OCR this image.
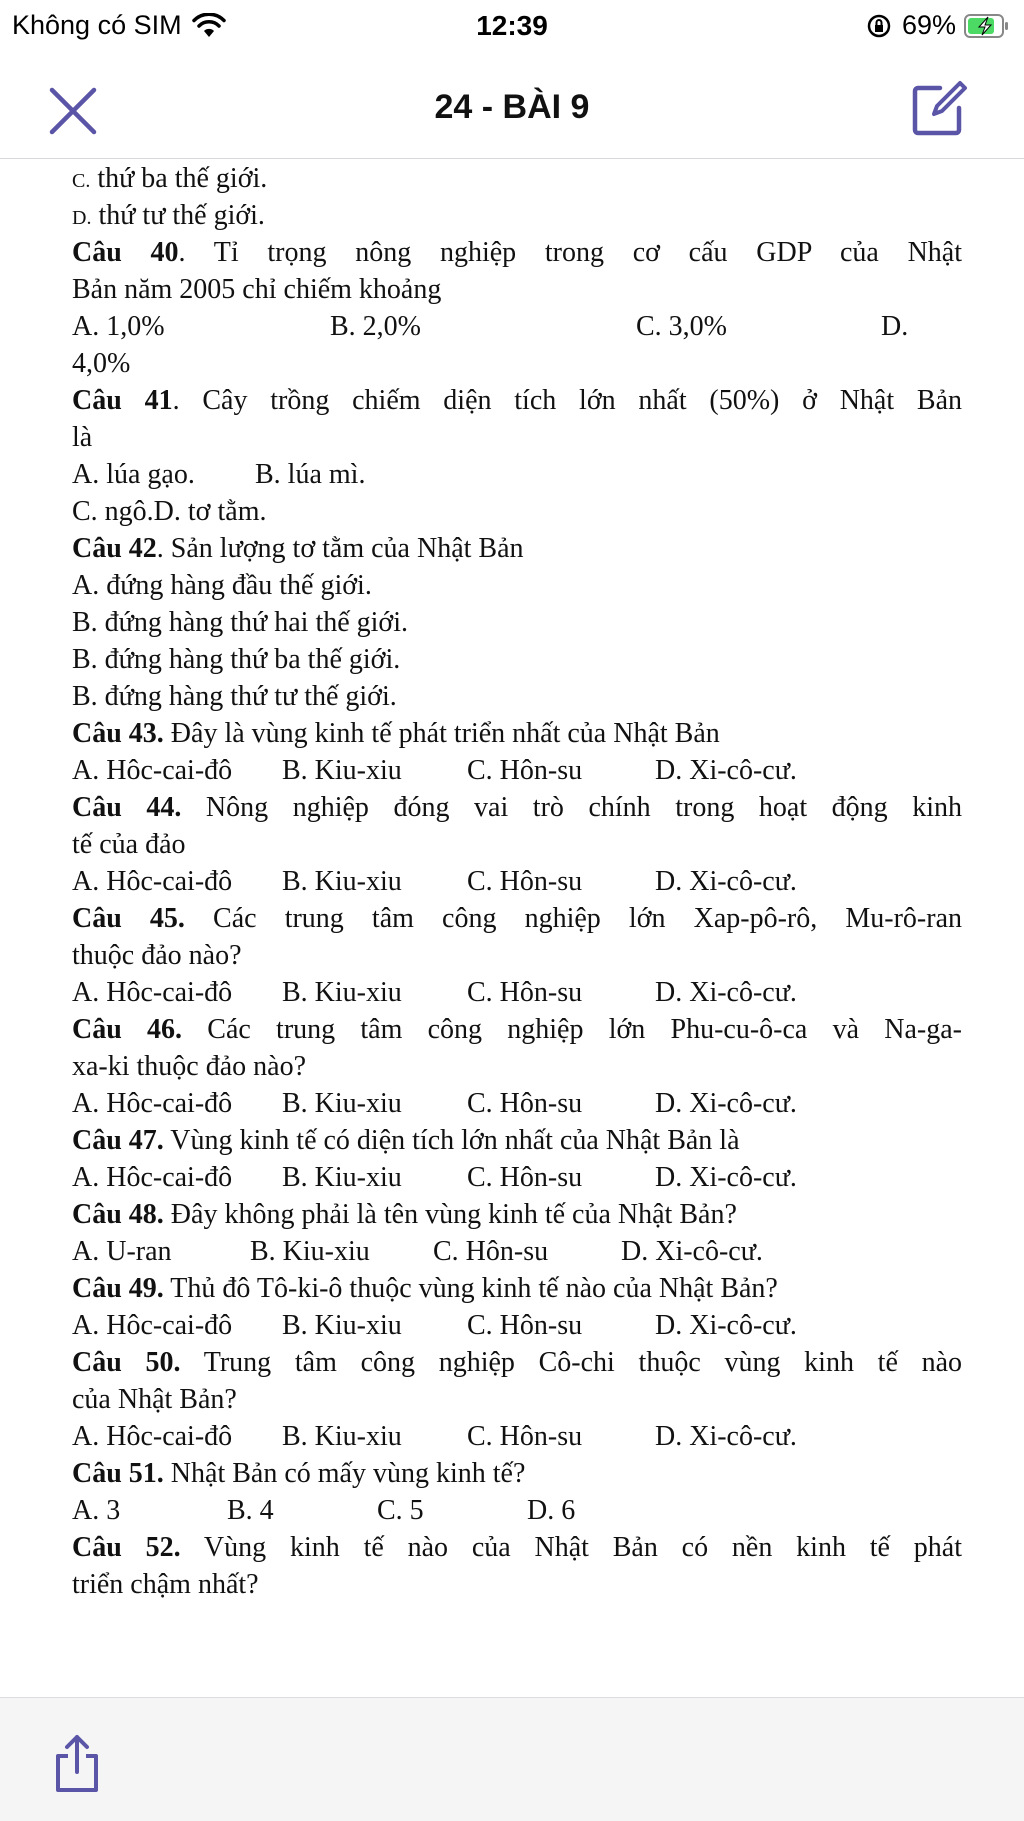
Không có SIM	12:39	69%
24 - BÀI 9
C. thứ ba thế giới.
D. thứ tư thế giới.
Câu 40. Tỉ trọng nông nghiệp trong cơ cấu GDP của Nhật
Bản năm 2005 chỉ chiếm khoảng
A. 1,0%	B. 2,0%	C. 3,0%	D.
4,0%
Câu 41. Cây trồng chiếm diện tích lớn nhất (50%) ở Nhật Bản
là
A. lúa gạo. B. lúa mì.
C. ngô.D. tơ tằm.
Câu 42. Sản lượng tơ tằm của Nhật Bản
A. đứng hàng đầu thế giới.
B. đứng hàng thứ hai thế giới.
B. đứng hàng thứ ba thế giới.
B. đứng hàng thứ tư thế giới.
Câu 43. Đây là vùng kinh tế phát triển nhất của Nhật Bản
A. Hôc-cai-đô B. Kiu-xiu C. Hôn-su	D. Xi-cô-cư.
Câu 44. Nông nghiệp đóng vai trò chính trong hoạt động kinh
tế của đảo
A. Hôc-cai-đô B. Kiu-xiu C. Hôn-su	D. Xi-cô-cư.
Câu 45. Các trung tâm công nghiệp lớn Xap-pô-rô, Mu-rô-ran
thuộc đảo nào?
A. Hôc-cai-đô B. Kiu-xiu C. Hôn-su	D. Xi-cô-cư.
Câu 46. Các trung tâm công nghiệp lớn Phu-cu-ô-ca và Na-ga-
xa-ki thuộc đảo nào?
A. Hôc-cai-đô B. Kiu-xiu C. Hôn-su	D. Xi-cô-cư.
Câu 47. Vùng kinh tế có diện tích lớn nhất của Nhật Bản là
A. Hôc-cai-đô B. Kiu-xiu C. Hôn-su	D. Xi-cô-cư.
Câu 48. Đây không phải là tên vùng kinh tế của Nhật Bản?
A. U-ran	B. Kiu-xiu C. Hôn-su	D. Xi-cô-cư.
Câu 49. Thủ đô Tô-ki-ô thuộc vùng kinh tế nào của Nhật Bản?
A. Hôc-cai-đô B. Kiu-xiu C. Hôn-su	D. Xi-cô-cư.
Câu 50. Trung tâm công nghiệp Cô-chi thuộc vùng kinh tế nào
của Nhật Bản?
A. Hôc-cai-đô B. Kiu-xiu C. Hôn-su	D. Xi-cô-cư.
Câu 51. Nhật Bản có mấy vùng kinh tế?
A. 3	B. 4	C. 5	D. 6
Câu 52. Vùng kinh tế nào của Nhật Bản có nền kinh tế phát
triển chậm nhất?
